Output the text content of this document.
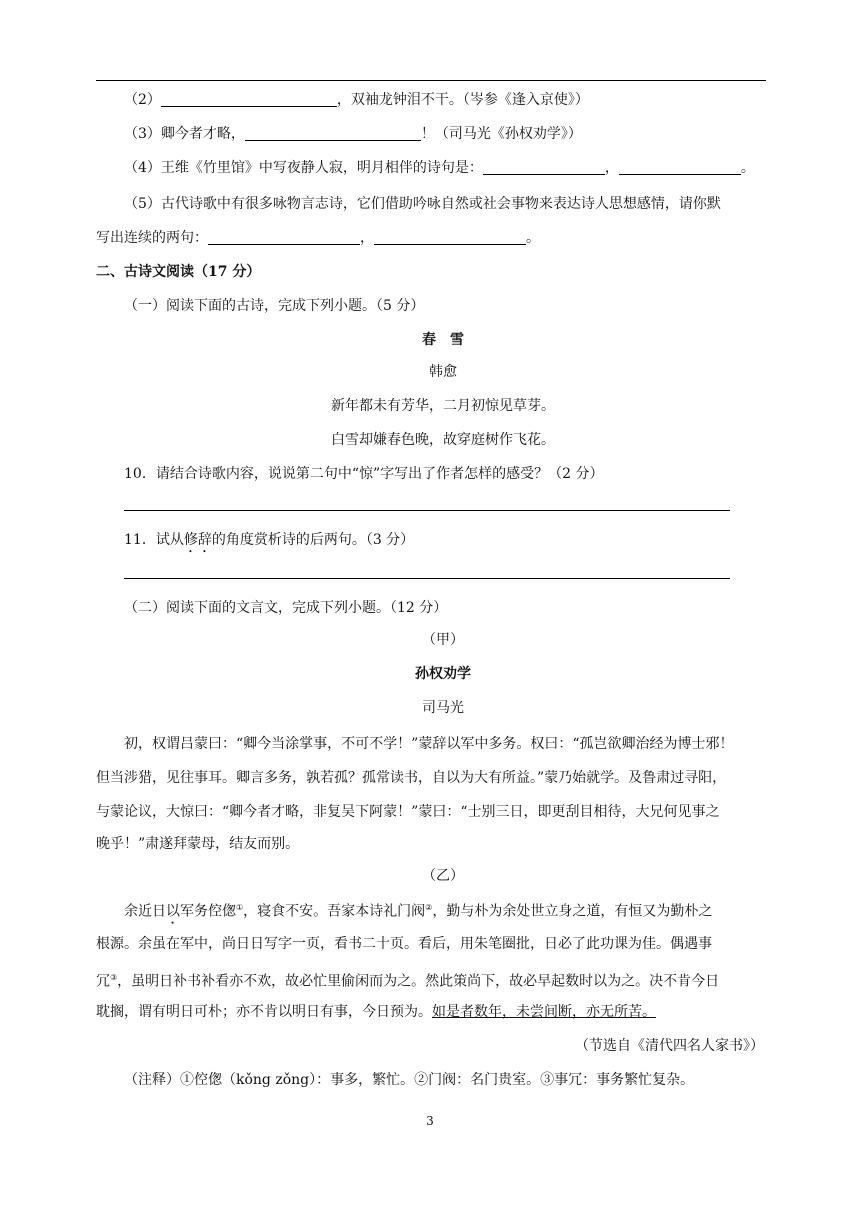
（2）	，双袖龙钟泪不干。（岑参《逢入京使》）
（3）卿今者才略，	！（司马光《孙权劝学》）
（4）王维《竹里馆》中写夜静人寂，明月相伴的诗句是：	，	。
（5）古代诗歌中有很多咏物言志诗，它们借助吟咏自然或社会事物来表达诗人思想感情，请你默
写出连续的两句：	，	。
二、古诗文阅读（17 分）
（一）阅读下面的古诗，完成下列小题。（5 分）
春　雪
韩愈
新年都未有芳华，二月初惊见草芽。
白雪却嫌春色晚，故穿庭树作飞花。
10．请结合诗歌内容，说说第二句中“惊”字写出了作者怎样的感受？（2 分）
11．试从修辞的角度赏析诗的后两句。（3 分）
（二）阅读下面的文言文，完成下列小题。（12 分）
（甲）
孙权劝学
司马光
初，权谓吕蒙曰：“卿今当涂掌事，不可不学！”蒙辞以军中多务。权曰：“孤岂欲卿治经为博士邪！
但当涉猎，见往事耳。卿言多务，孰若孤？孤常读书，自以为大有所益。”蒙乃始就学。及鲁肃过寻阳，
与蒙论议，大惊曰：“卿今者才略，非复吴下阿蒙！”蒙曰：“士别三日，即更刮目相待，大兄何见事之
晚乎！”肃遂拜蒙母，结友而别。
（乙）
余近日以军务倥偬①，寝食不安。吾家本诗礼门阀②，勤与朴为余处世立身之道，有恒又为勤朴之
根源。余虽在军中，尚日日写字一页，看书二十页。看后，用朱笔圈批，日必了此功课为佳。偶遇事
冗③，虽明日补书补看亦不欢，故必忙里偷闲而为之。然此策尚下，故必早起数时以为之。决不肯今日
耽搁，谓有明日可朴；亦不肯以明日有事，今日预为。如是者数年，未尝间断，亦无所苦。
（节选自《清代四名人家书》）
（注释）①倥偬（kǒng zǒng）：事多，繁忙。②门阀：名门贵室。③事冗：事务繁忙复杂。
3
